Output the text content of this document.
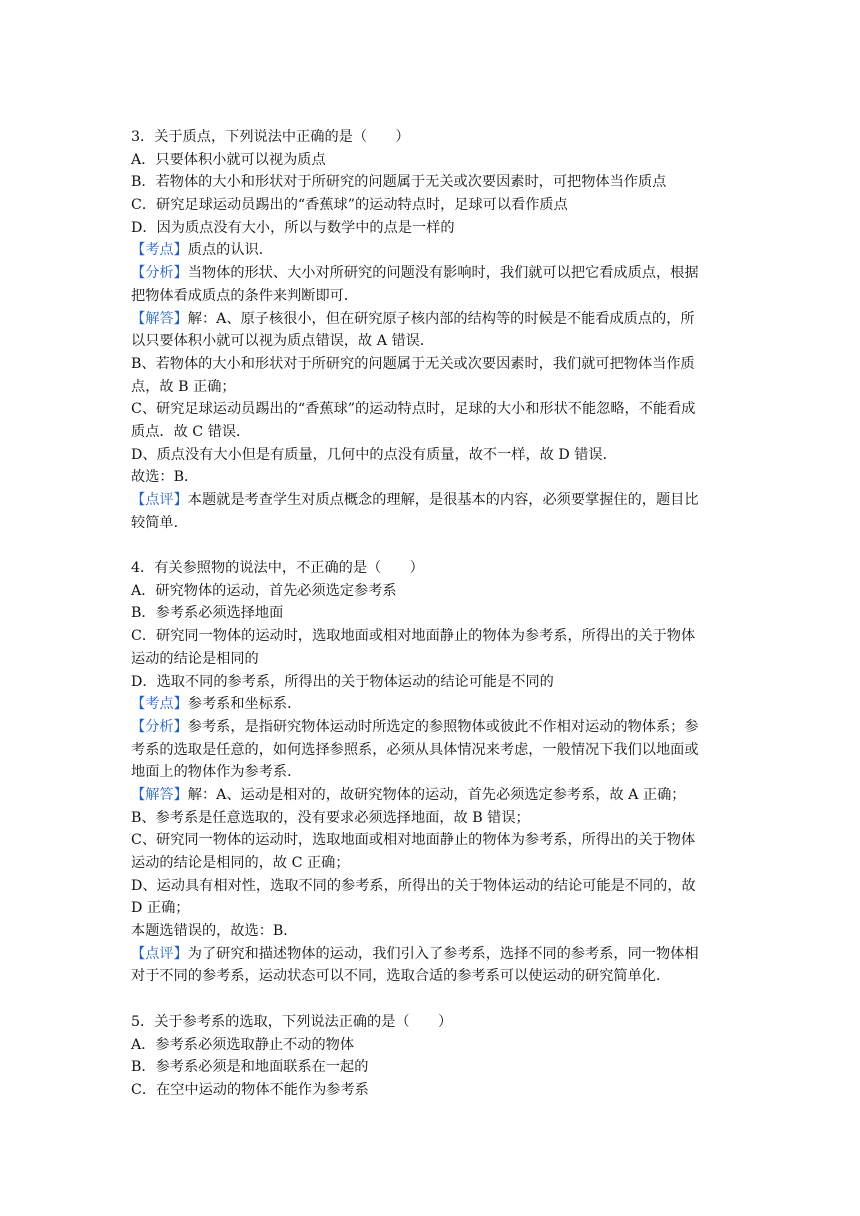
3．关于质点，下列说法中正确的是（　　）
A．只要体积小就可以视为质点
B．若物体的大小和形状对于所研究的问题属于无关或次要因素时，可把物体当作质点
C．研究足球运动员踢出的“香蕉球”的运动特点时，足球可以看作质点
D．因为质点没有大小，所以与数学中的点是一样的
【考点】质点的认识．
【分析】当物体的形状、大小对所研究的问题没有影响时，我们就可以把它看成质点，根据
把物体看成质点的条件来判断即可．
【解答】解：A、原子核很小，但在研究原子核内部的结构等的时候是不能看成质点的，所
以只要体积小就可以视为质点错误，故 A 错误．
B、若物体的大小和形状对于所研究的问题属于无关或次要因素时，我们就可把物体当作质
点，故 B 正确；
C、研究足球运动员踢出的“香蕉球”的运动特点时，足球的大小和形状不能忽略，不能看成
质点．故 C 错误．
D、质点没有大小但是有质量，几何中的点没有质量，故不一样，故 D 错误．
故选：B．
【点评】本题就是考查学生对质点概念的理解，是很基本的内容，必须要掌握住的，题目比
较简单．
4．有关参照物的说法中，不正确的是（　　）
A．研究物体的运动，首先必须选定参考系
B．参考系必须选择地面
C．研究同一物体的运动时，选取地面或相对地面静止的物体为参考系，所得出的关于物体
运动的结论是相同的
D．选取不同的参考系，所得出的关于物体运动的结论可能是不同的
【考点】参考系和坐标系．
【分析】参考系，是指研究物体运动时所选定的参照物体或彼此不作相对运动的物体系；参
考系的选取是任意的，如何选择参照系，必须从具体情况来考虑，一般情况下我们以地面或
地面上的物体作为参考系．
【解答】解：A、运动是相对的，故研究物体的运动，首先必须选定参考系，故 A 正确；
B、参考系是任意选取的，没有要求必须选择地面，故 B 错误；
C、研究同一物体的运动时，选取地面或相对地面静止的物体为参考系，所得出的关于物体
运动的结论是相同的，故 C 正确；
D、运动具有相对性，选取不同的参考系，所得出的关于物体运动的结论可能是不同的，故
D 正确；
本题选错误的，故选：B．
【点评】为了研究和描述物体的运动，我们引入了参考系，选择不同的参考系，同一物体相
对于不同的参考系，运动状态可以不同，选取合适的参考系可以使运动的研究简单化．
5．关于参考系的选取，下列说法正确的是（　　）
A．参考系必须选取静止不动的物体
B．参考系必须是和地面联系在一起的
C．在空中运动的物体不能作为参考系
